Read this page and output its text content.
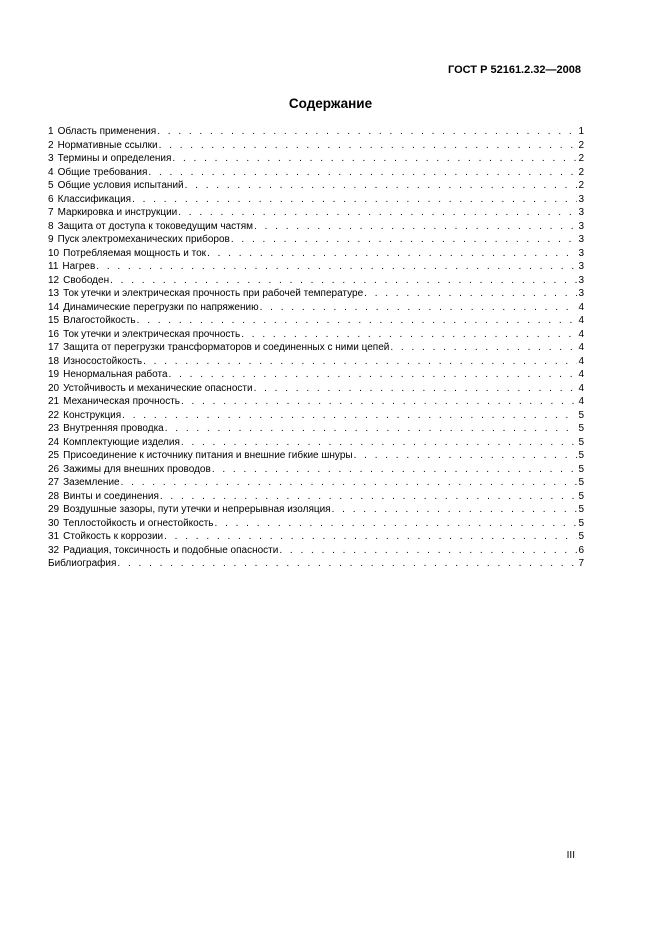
ГОСТ Р 52161.2.32—2008
Содержание
1 Область применения . . .	1
2 Нормативные ссылки . . .	2
3 Термины и определения . . .	2
4 Общие требования . . .	2
5 Общие условия испытаний . . .	2
6 Классификация . . .	3
7 Маркировка и инструкции . . .	3
8 Защита от доступа к токоведущим частям . . .	3
9 Пуск электромеханических приборов . . .	3
10 Потребляемая мощность и ток . . .	3
11 Нагрев . . .	3
12 Свободен . . .	3
13 Ток утечки и электрическая прочность при рабочей температуре . . .	3
14 Динамические перегрузки по напряжению . . .	4
15 Влагостойкость . . .	4
16 Ток утечки и электрическая прочность . . .	4
17 Защита от перегрузки трансформаторов и соединенных с ними цепей . . .	4
18 Износостойкость . . .	4
19 Ненормальная работа . . .	4
20 Устойчивость и механические опасности . . .	4
21 Механическая прочность . . .	4
22 Конструкция . . .	5
23 Внутренняя проводка . . .	5
24 Комплектующие изделия . . .	5
25 Присоединение к источнику питания и внешние гибкие шнуры . . .	5
26 Зажимы для внешних проводов . . .	5
27 Заземление . . .	5
28 Винты и соединения . . .	5
29 Воздушные зазоры, пути утечки и непрерывная изоляция . . .	5
30 Теплостойкость и огнестойкость . . .	5
31 Стойкость к коррозии . . .	5
32 Радиация, токсичность и подобные опасности . . .	6
Библиография . . .	7
III
